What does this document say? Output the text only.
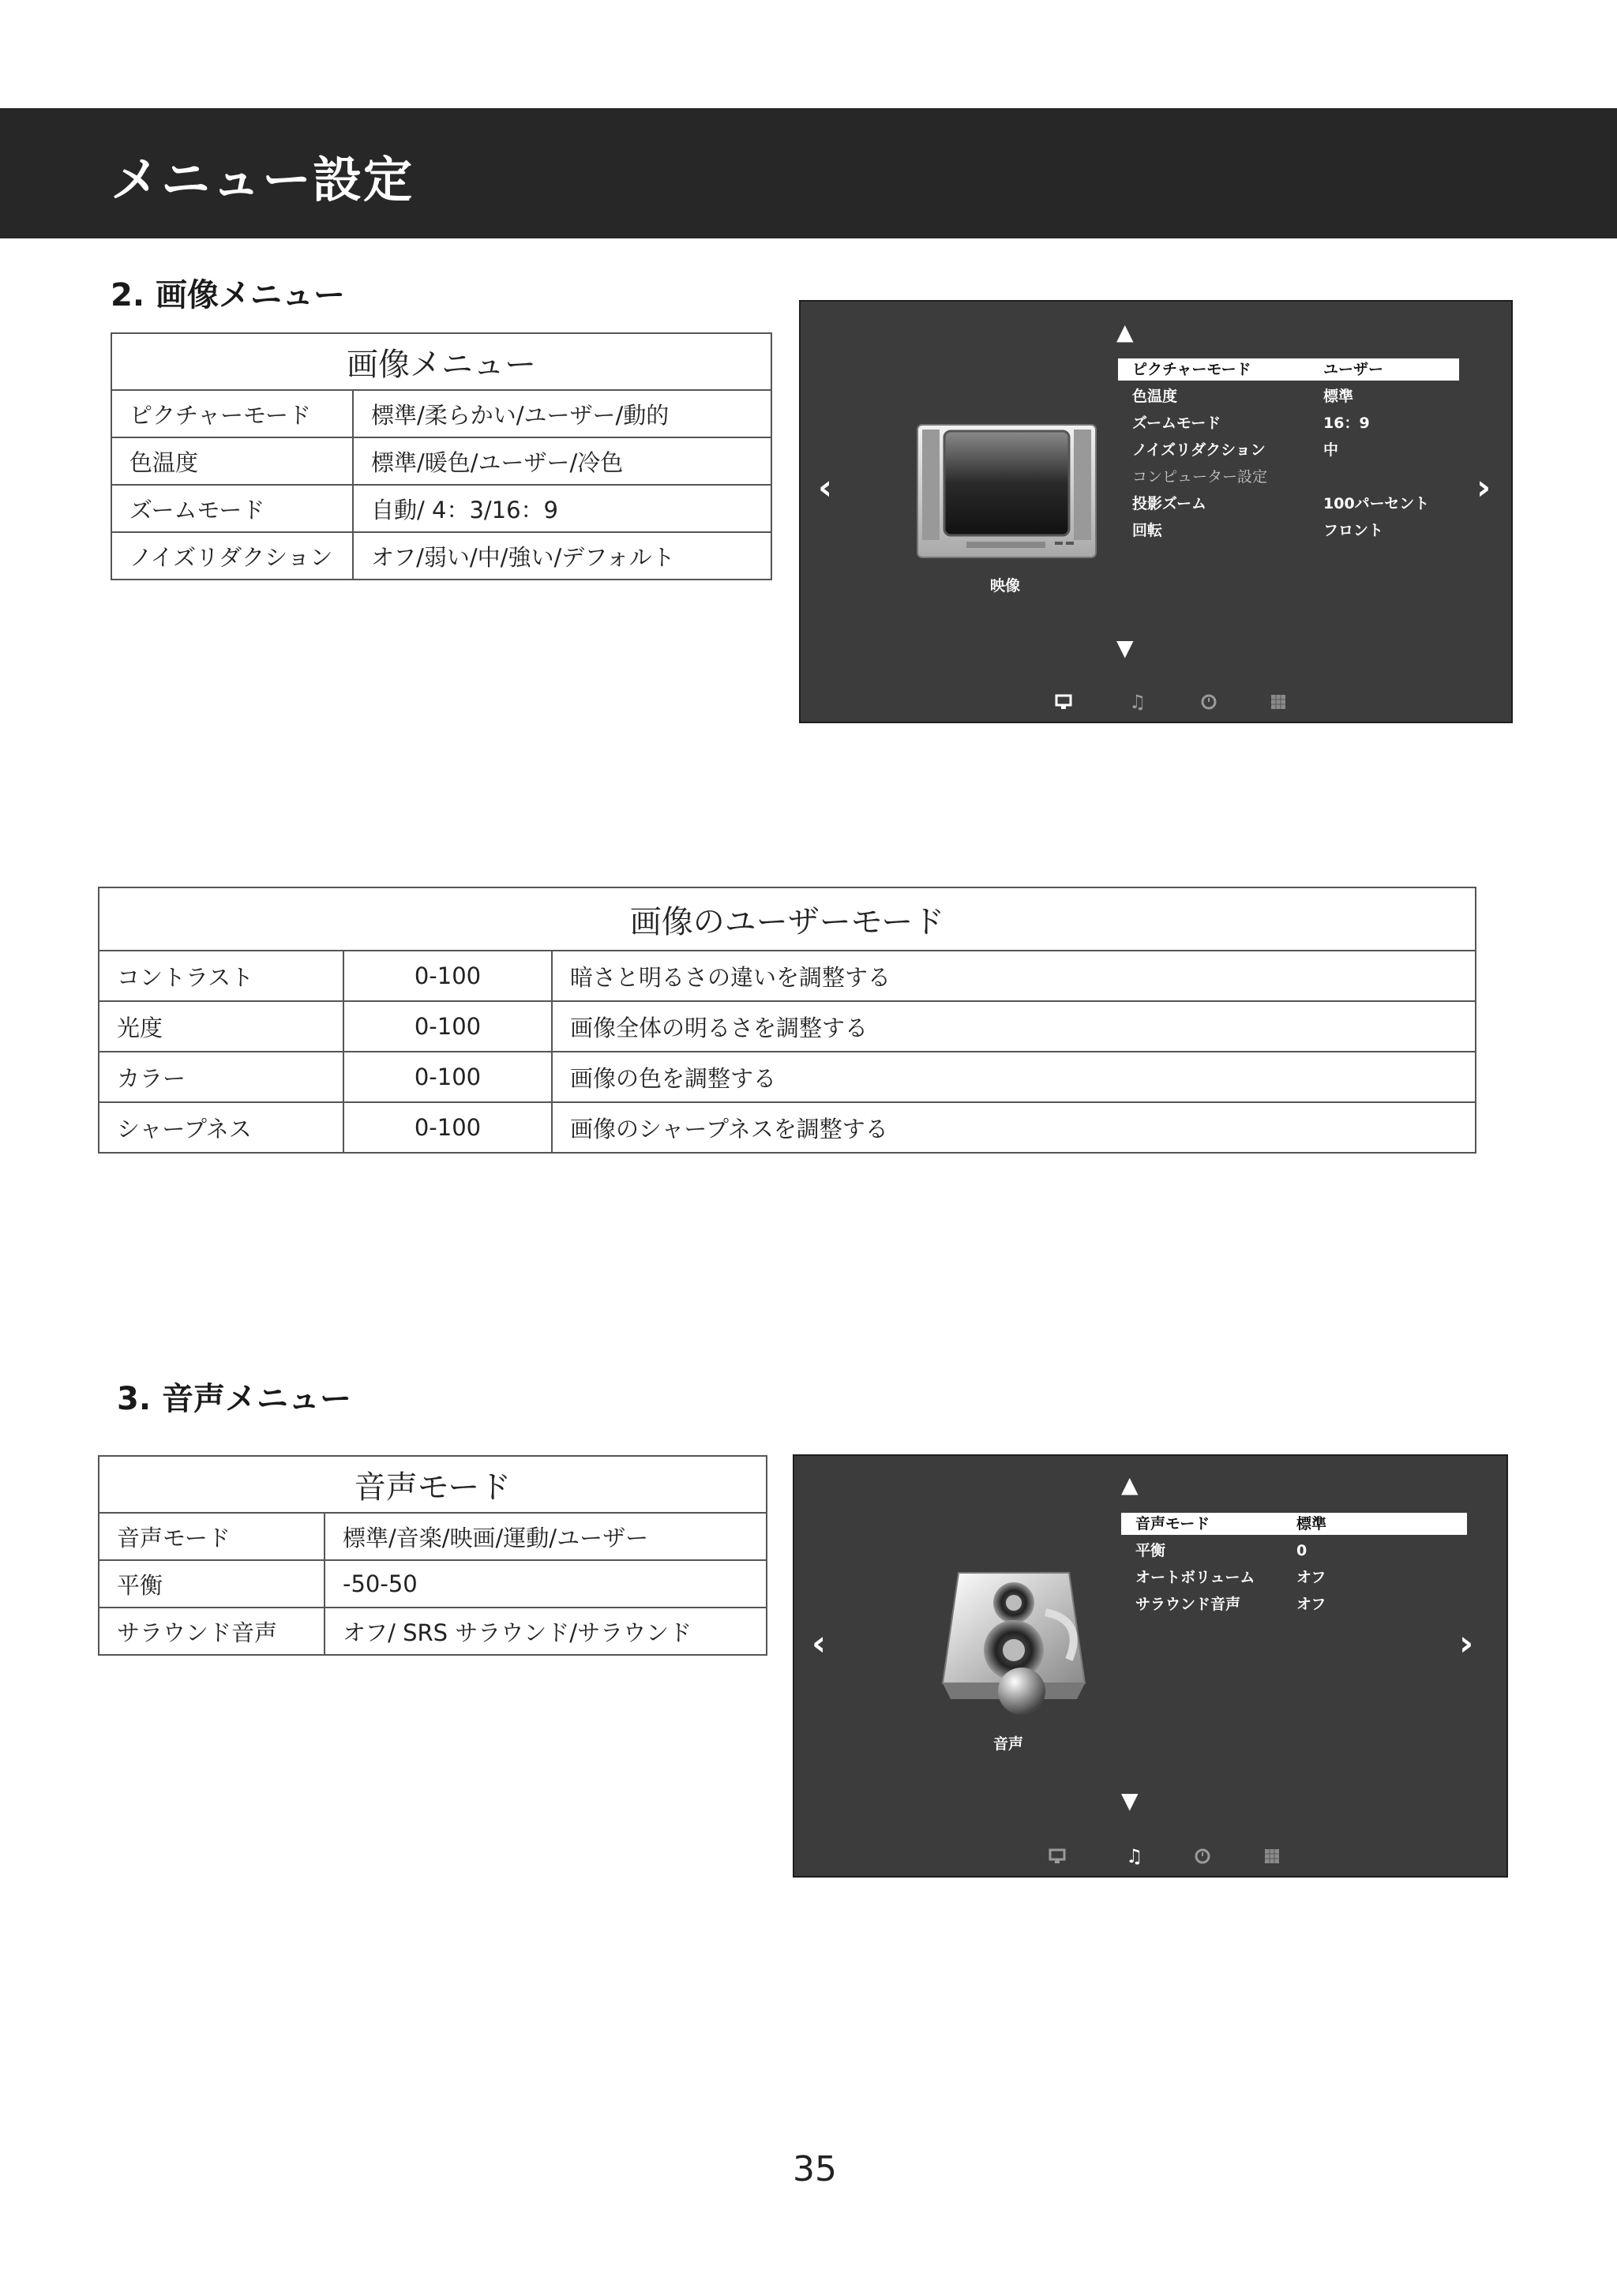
メニュー設定
2. 画像メニュー
画像メニュー	
ピクチャーモード	標準/柔らかい/ユーザー/動的
色温度	標準/暖色/ユーザー/冷色
ズームモード	自動/ 4：3/16：9
ノイズリダクション	オフ/弱い/中/強い/デフォルト
▲
▼
‹	›
映像
ピクチャーモード	ユーザー
色温度	標準
ズームモード	16：9
ノイズリダクション	中
コンピューター設定
投影ズーム	100パーセント
回転	フロント
♫
画像のユーザーモード		
コントラスト	0-100	暗さと明るさの違いを調整する
光度	0-100	画像全体の明るさを調整する
カラー	0-100	画像の色を調整する
シャープネス	0-100	画像のシャープネスを調整する
3. 音声メニュー
音声モード	
音声モード	標準/音楽/映画/運動/ユーザー
平衡	-50-50
サラウンド音声	オフ/ SRS サラウンド/サラウンド
▲
▼
‹	›
音声
音声モード	標準
平衡	0
オートボリューム	オフ
サラウンド音声	オフ
♫
35
